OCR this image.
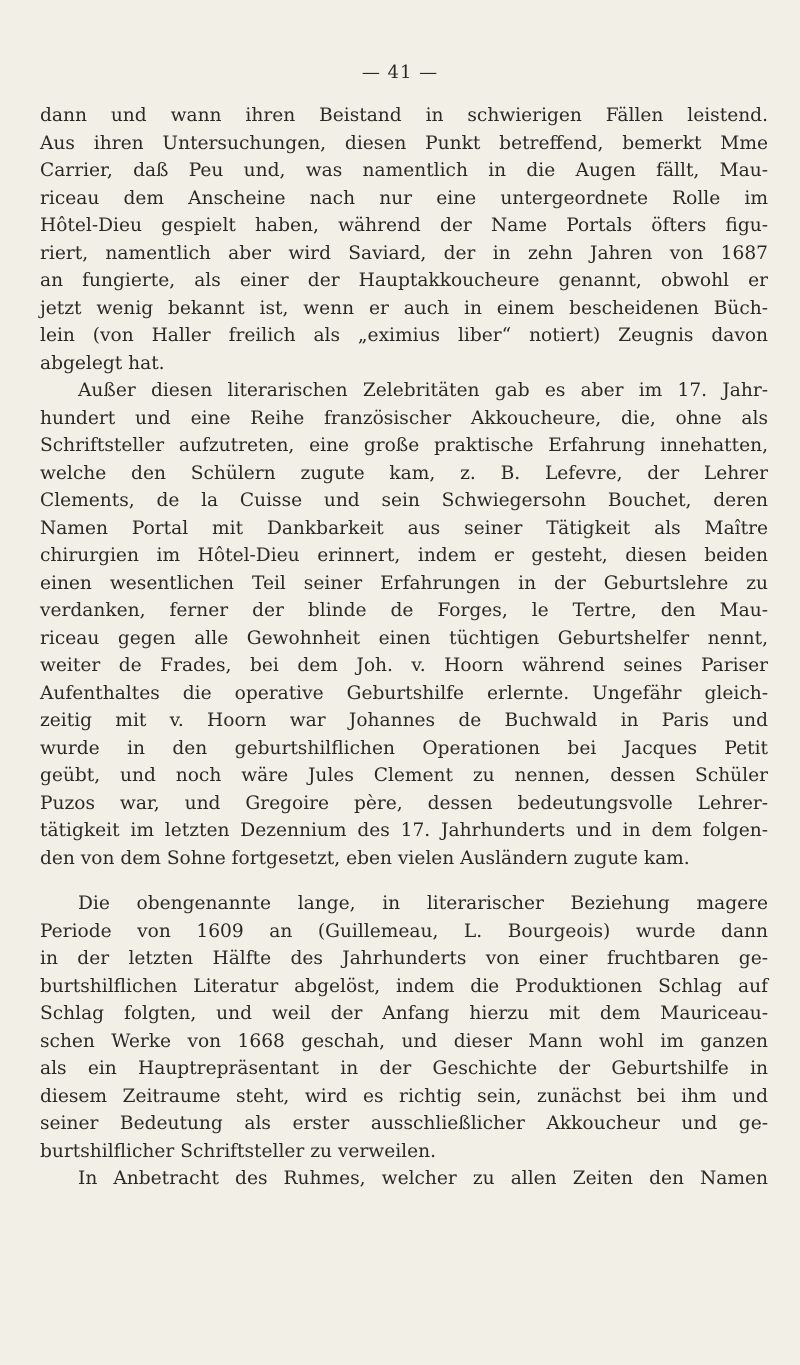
— 41 —
dann und wann ihren Beistand in schwierigen Fällen leistend.
Aus ihren Untersuchungen, diesen Punkt betreffend, bemerkt Mme
Carrier, daß Peu und, was namentlich in die Augen fällt, Mau-
riceau dem Anscheine nach nur eine untergeordnete Rolle im
Hôtel-Dieu gespielt haben, während der Name Portals öfters figu-
riert, namentlich aber wird Saviard, der in zehn Jahren von 1687
an fungierte, als einer der Hauptakkoucheure genannt, obwohl er
jetzt wenig bekannt ist, wenn er auch in einem bescheidenen Büch-
lein (von Haller freilich als „eximius liber“ notiert) Zeugnis davon
abgelegt hat.
Außer diesen literarischen Zelebritäten gab es aber im 17. Jahr-
hundert und eine Reihe französischer Akkoucheure, die, ohne als
Schriftsteller aufzutreten, eine große praktische Erfahrung innehatten,
welche den Schülern zugute kam, z. B. Lefevre, der Lehrer
Clements, de la Cuisse und sein Schwiegersohn Bouchet, deren
Namen Portal mit Dankbarkeit aus seiner Tätigkeit als Maître
chirurgien im Hôtel-Dieu erinnert, indem er gesteht, diesen beiden
einen wesentlichen Teil seiner Erfahrungen in der Geburtslehre zu
verdanken, ferner der blinde de Forges, le Tertre, den Mau-
riceau gegen alle Gewohnheit einen tüchtigen Geburtshelfer nennt,
weiter de Frades, bei dem Joh. v. Hoorn während seines Pariser
Aufenthaltes die operative Geburtshilfe erlernte. Ungefähr gleich-
zeitig mit v. Hoorn war Johannes de Buchwald in Paris und
wurde in den geburtshilflichen Operationen bei Jacques Petit
geübt, und noch wäre Jules Clement zu nennen, dessen Schüler
Puzos war, und Gregoire père, dessen bedeutungsvolle Lehrer-
tätigkeit im letzten Dezennium des 17. Jahrhunderts und in dem folgen-
den von dem Sohne fortgesetzt, eben vielen Ausländern zugute kam.
Die obengenannte lange, in literarischer Beziehung magere
Periode von 1609 an (Guillemeau, L. Bourgeois) wurde dann
in der letzten Hälfte des Jahrhunderts von einer fruchtbaren ge-
burtshilflichen Literatur abgelöst, indem die Produktionen Schlag auf
Schlag folgten, und weil der Anfang hierzu mit dem Mauriceau-
schen Werke von 1668 geschah, und dieser Mann wohl im ganzen
als ein Hauptrepräsentant in der Geschichte der Geburtshilfe in
diesem Zeitraume steht, wird es richtig sein, zunächst bei ihm und
seiner Bedeutung als erster ausschließlicher Akkoucheur und ge-
burtshilflicher Schriftsteller zu verweilen.
In Anbetracht des Ruhmes, welcher zu allen Zeiten den Namen
